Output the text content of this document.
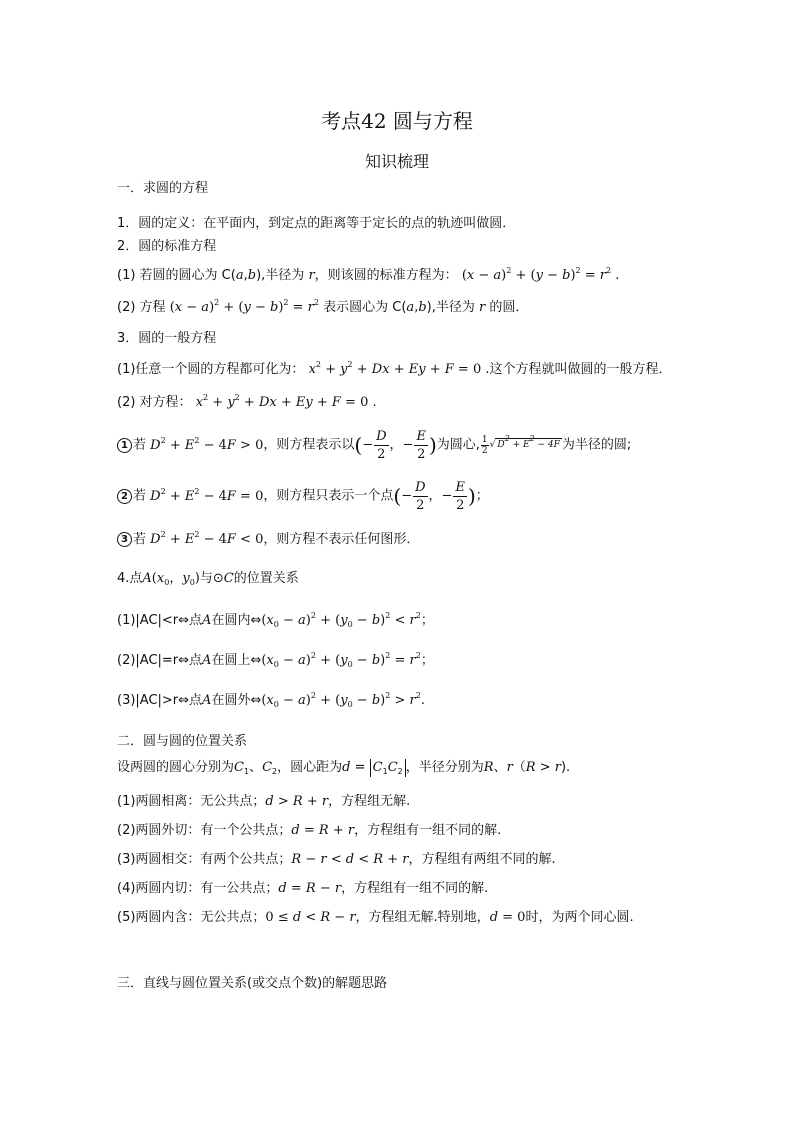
考点42 圆与方程
知识梳理
一．求圆的方程
1．圆的定义：在平面内，到定点的距离等于定长的点的轨迹叫做圆．
2．圆的标准方程
(1) 若圆的圆心为 C(a,b),半径为 r，则该圆的标准方程为： $(x - a)^2 + (y - b)^2 = r^2$ .
(2) 方程 $(x - a)^2 + (y - b)^2 = r^2$ 表示圆心为 C(a,b),半径为 r 的圆．
3．圆的一般方程
(1)任意一个圆的方程都可化为： $x^2 + y^2 + Dx + Ey + F = 0$ .这个方程就叫做圆的一般方程．
(2) 对方程： $x^2 + y^2 + Dx + Ey + F = 0$ .
1 若 $D^2 + E^2 - 4F > 0$，则方程表示以(− $\frac{D}{2}$ ，− $\frac{E}{2}$ )为圆心, $\frac{1}{2}$ √ $D^2 + E^2 - 4F$ 为半径的圆;
2 若 $D^2 + E^2 - 4F = 0$，则方程只表示一个点(− $\frac{D}{2}$ ，− $\frac{E}{2}$ )；
3 若 $D^2 + E^2 - 4F < 0$，则方程不表示任何图形．
4.点$A(x_0$，$y_0$)与⊙C的位置关系
(1)|AC|<r⇔点A在圆内$\Leftrightarrow(x_0 - a)^2 + (y_0 - b)^2 < r^2$；
(2)|AC|=r⇔点A在圆上$\Leftrightarrow(x_0 - a)^2 + (y_0 - b)^2 = r^2$；
(3)|AC|>r⇔点A在圆外$\Leftrightarrow(x_0 - a)^2 + (y_0 - b)^2 > r^2$.
二．圆与圆的位置关系
设两圆的圆心分别为$C_1$、$C_2$，圆心距为$d = C_1C_2$ ，半径分别为R、r（R > r).
(1)两圆相离：无公共点；d > R + r，方程组无解.
(2)两圆外切：有一个公共点；d = R + r，方程组有一组不同的解.
(3)两圆相交：有两个公共点；R − r < d < R + r，方程组有两组不同的解.
(4)两圆内切：有一公共点；d = R − r，方程组有一组不同的解.
(5)两圆内含：无公共点；0 ≤ d < R − r，方程组无解.特别地，d = 0时，为两个同心圆.
三．直线与圆位置关系(或交点个数)的解题思路
